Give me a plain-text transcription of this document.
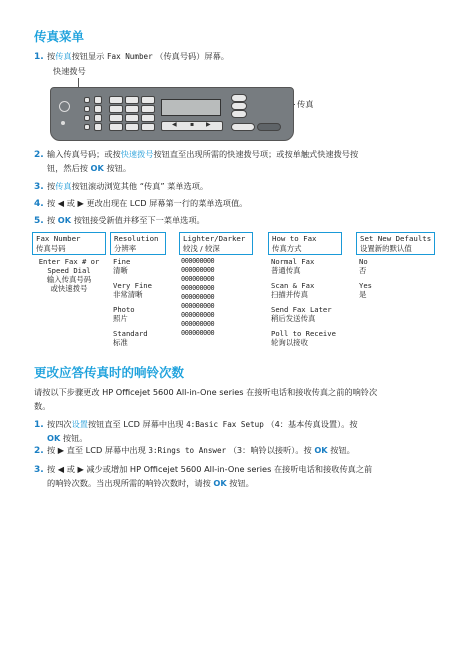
传真菜单
1. 按传真按钮显示 Fax Number （传真号码）屏幕。
快速拨号
传真
◀ ▪ ▶
2. 输入传真号码；或按快速拨号按钮直至出现所需的快速拨号项；或按单触式快速拨号按
钮，然后按 OK 按钮。
3. 按传真按钮滚动浏览其他 “传真” 菜单选项。
4. 按 ◀ 或 ▶ 更改出现在 LCD 屏幕第一行的菜单选项值。
5. 按 OK 按钮接受新值并移至下一菜单选项。
Fax Number
传真号码
Resolution
分辨率
Lighter/Darker
较浅 / 较深
How to Fax
传真方式
Set New Defaults
设置新的默认值
Enter Fax # or
Speed Dial
输入传真号码
或快速拨号
Fine
清晰
Very Fine
非常清晰
Photo
照片
Standard
标准
000000000
000000000
000000000
000000000
000000000
000000000
000000000
000000000
000000000
Normal Fax
普通传真
Scan & Fax
扫描并传真
Send Fax Later
稍后发送传真
Poll to Receive
轮询以接收
No
否
Yes
是
更改应答传真时的响铃次数
请按以下步骤更改 HP Officejet 5600 All-in-One series 在接听电话和接收传真之前的响铃次
数。
1. 按四次设置按钮直至 LCD 屏幕中出现 4:Basic Fax Setup （4：基本传真设置）。按
OK 按钮。
2. 按 ▶ 直至 LCD 屏幕中出现 3:Rings to Answer （3：响铃以接听）。按 OK 按钮。
3. 按 ◀ 或 ▶ 减少或增加 HP Officejet 5600 All-in-One series 在接听电话和接收传真之前
的响铃次数。当出现所需的响铃次数时，请按 OK 按钮。
